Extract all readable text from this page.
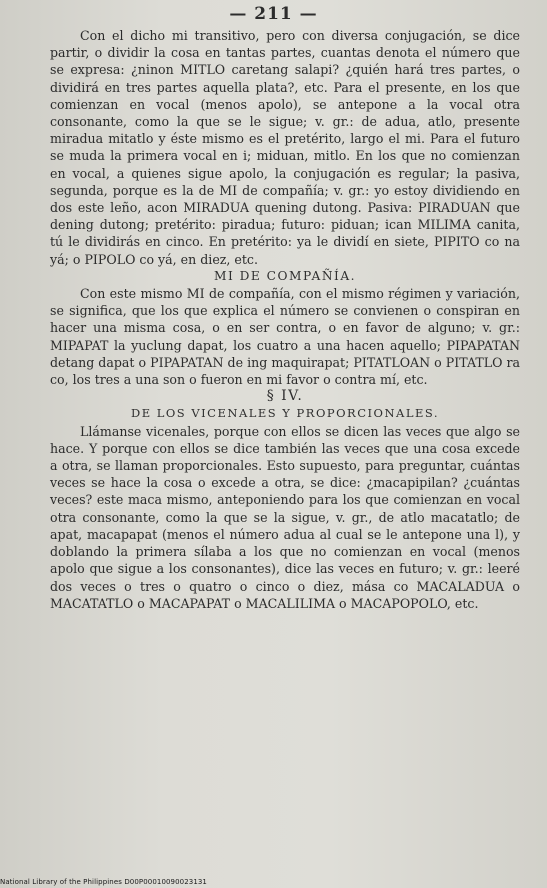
— 211 —

Con el dicho mi transitivo, pero con diversa conjugación, se dice partir, o dividir la cosa en tantas partes, cuantas denota el número que se expresa: ¿ninon MITLO caretang salapi? ¿quién hará tres partes, o dividirá en tres partes aquella plata?, etc. Para el presente, en los que comienzan en vocal (menos apolo), se antepone a la vocal otra consonante, como la que se le sigue; v. gr.: de adua, atlo, presente miradua mitatlo y éste mismo es el pretérito, largo el mi. Para el futuro se muda la primera vocal en i; miduan, mitlo. En los que no comienzan en vocal, a quienes sigue apolo, la conjugación es regular; la pasiva, segunda, porque es la de MI de compañía; v. gr.: yo estoy dividiendo en dos este leño, acon MIRADUA quening dutong. Pasiva: PIRADUAN que dening dutong; pretérito: piradua; futuro: piduan; ican MILIMA canita, tú le dividirás en cinco. En pretérito: ya le dividí en siete, PIPITO co na yá; o PIPOLO co yá, en diez, etc.

MI DE COMPAÑÍA.

Con este mismo MI de compañía, con el mismo régimen y variación, se significa, que los que explica el número se convienen o conspiran en hacer una misma cosa, o en ser contra, o en favor de alguno; v. gr.: MIPAPAT la yuclung dapat, los cuatro a una hacen aquello; PIPAPATAN detang dapat o PIPAPATAN de ing maquirapat; PITATLOAN o PITATLO ra co, los tres a una son o fueron en mi favor o contra mí, etc.

§ IV.

DE LOS VICENALES Y PROPORCIONALES.

Llámanse vicenales, porque con ellos se dicen las veces que algo se hace. Y porque con ellos se dice también las veces que una cosa excede a otra, se llaman proporcionales. Esto supuesto, para preguntar, cuántas veces se hace la cosa o excede a otra, se dice: ¿macapipilan? ¿cuántas veces? este maca mismo, anteponiendo para los que comienzan en vocal otra consonante, como la que se la sigue, v. gr., de atlo macatatlo; de apat, macapapat (menos el número adua al cual se le antepone una l), y doblando la primera sílaba a los que no comienzan en vocal (menos apolo que sigue a los consonantes), dice las veces en futuro; v. gr.: leeré dos veces o tres o quatro o cinco o diez, mása co MACALADUA o MACATATLO o MACAPAPAT o MACALILIMA o MACAPOPOLO, etc.

National Library of the Philippines D00P00010090023131
